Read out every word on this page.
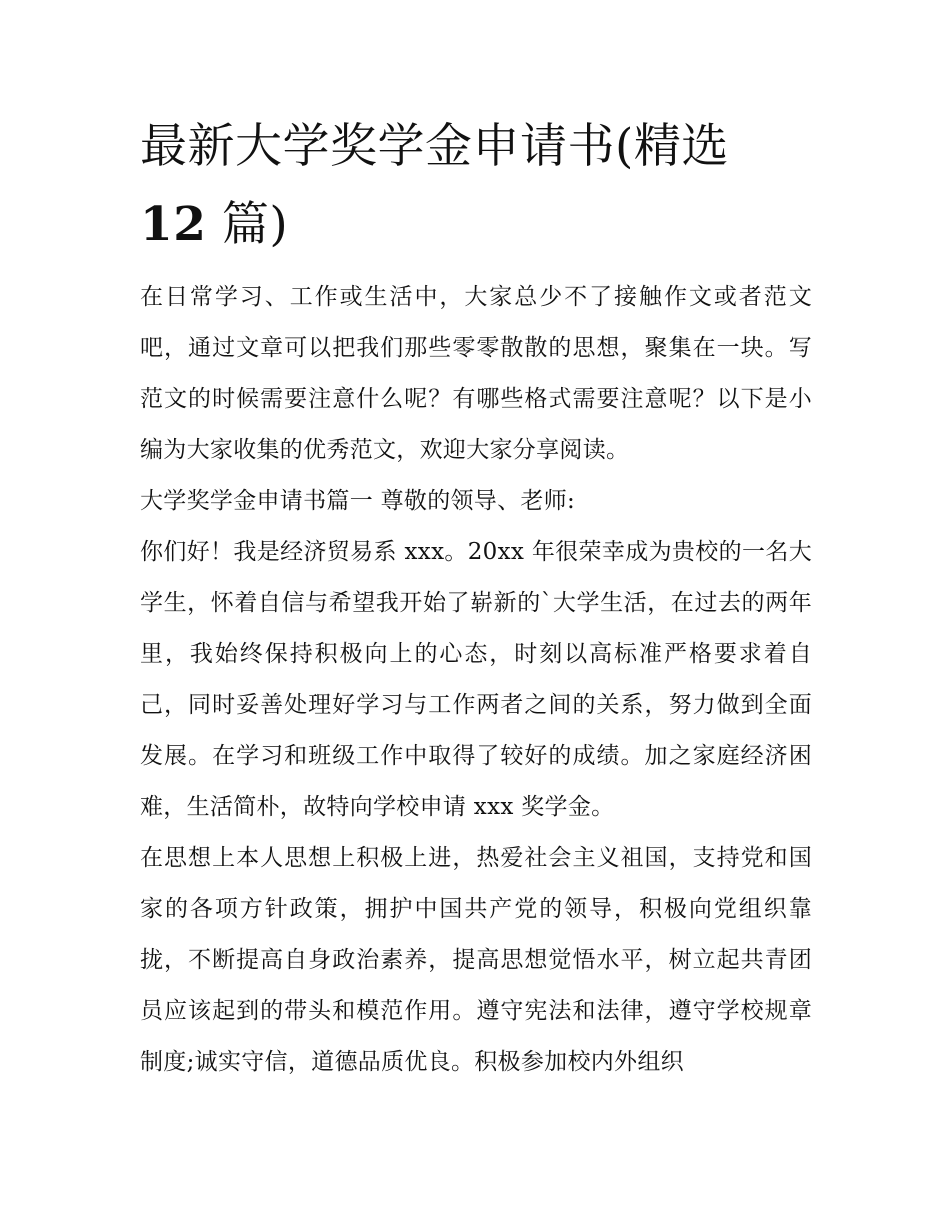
最新大学奖学金申请书(精选
12 篇)

在日常学习、工作或生活中，大家总少不了接触作文或者范文吧，通过文章可以把我们那些零零散散的思想，聚集在一块。写范文的时候需要注意什么呢？有哪些格式需要注意呢？以下是小编为大家收集的优秀范文，欢迎大家分享阅读。

大学奖学金申请书篇一 尊敬的领导、老师:

你们好！我是经济贸易系 xxx。20xx 年很荣幸成为贵校的一名大学生，怀着自信与希望我开始了崭新的`大学生活，在过去的两年里，我始终保持积极向上的心态，时刻以高标准严格要求着自己，同时妥善处理好学习与工作两者之间的关系，努力做到全面发展。在学习和班级工作中取得了较好的成绩。加之家庭经济困难，生活简朴，故特向学校申请 xxx 奖学金。

在思想上本人思想上积极上进，热爱社会主义祖国，支持党和国家的各项方针政策，拥护中国共产党的领导，积极向党组织靠拢，不断提高自身政治素养，提高思想觉悟水平，树立起共青团员应该起到的带头和模范作用。遵守宪法和法律，遵守学校规章制度;诚实守信，道德品质优良。积极参加校内外组织
